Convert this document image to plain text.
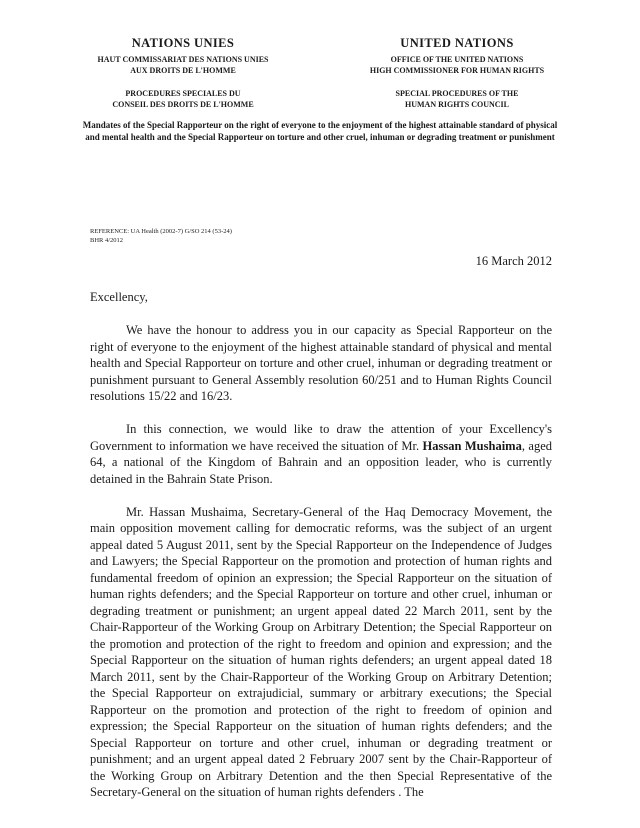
NATIONS UNIES
HAUT COMMISSARIAT DES NATIONS UNIES
AUX DROITS DE L'HOMME
UNITED NATIONS
OFFICE OF THE UNITED NATIONS
HIGH COMMISSIONER FOR HUMAN RIGHTS
PROCEDURES SPECIALES DU
CONSEIL DES DROITS DE L'HOMME
SPECIAL PROCEDURES OF THE
HUMAN RIGHTS COUNCIL
Mandates of the Special Rapporteur on the right of everyone to the enjoyment of the highest attainable standard of physical and mental health and the Special Rapporteur on torture and other cruel, inhuman or degrading treatment or punishment
REFERENCE: UA Health (2002-7) G/SO 214 (53-24)
BHR 4/2012
16 March 2012

Excellency,

We have the honour to address you in our capacity as Special Rapporteur on the right of everyone to the enjoyment of the highest attainable standard of physical and mental health and Special Rapporteur on torture and other cruel, inhuman or degrading treatment or punishment pursuant to General Assembly resolution 60/251 and to Human Rights Council resolutions 15/22 and 16/23.

In this connection, we would like to draw the attention of your Excellency's Government to information we have received the situation of Mr. Hassan Mushaima, aged 64, a national of the Kingdom of Bahrain and an opposition leader, who is currently detained in the Bahrain State Prison.

Mr. Hassan Mushaima, Secretary-General of the Haq Democracy Movement, the main opposition movement calling for democratic reforms, was the subject of an urgent appeal dated 5 August 2011, sent by the Special Rapporteur on the Independence of Judges and Lawyers; the Special Rapporteur on the promotion and protection of human rights and fundamental freedom of opinion an expression; the Special Rapporteur on the situation of human rights defenders; and the Special Rapporteur on torture and other cruel, inhuman or degrading treatment or punishment; an urgent appeal dated 22 March 2011, sent by the Chair-Rapporteur of the Working Group on Arbitrary Detention; the Special Rapporteur on the promotion and protection of the right to freedom and opinion and expression; and the Special Rapporteur on the situation of human rights defenders; an urgent appeal dated 18 March 2011, sent by the Chair-Rapporteur of the Working Group on Arbitrary Detention; the Special Rapporteur on extrajudicial, summary or arbitrary executions; the Special Rapporteur on the promotion and protection of the right to freedom of opinion and expression; the Special Rapporteur on the situation of human rights defenders; and the Special Rapporteur on torture and other cruel, inhuman or degrading treatment or punishment; and an urgent appeal dated 2 February 2007 sent by the Chair-Rapporteur of the Working Group on Arbitrary Detention and the then Special Representative of the Secretary-General on the situation of human rights defenders . The
